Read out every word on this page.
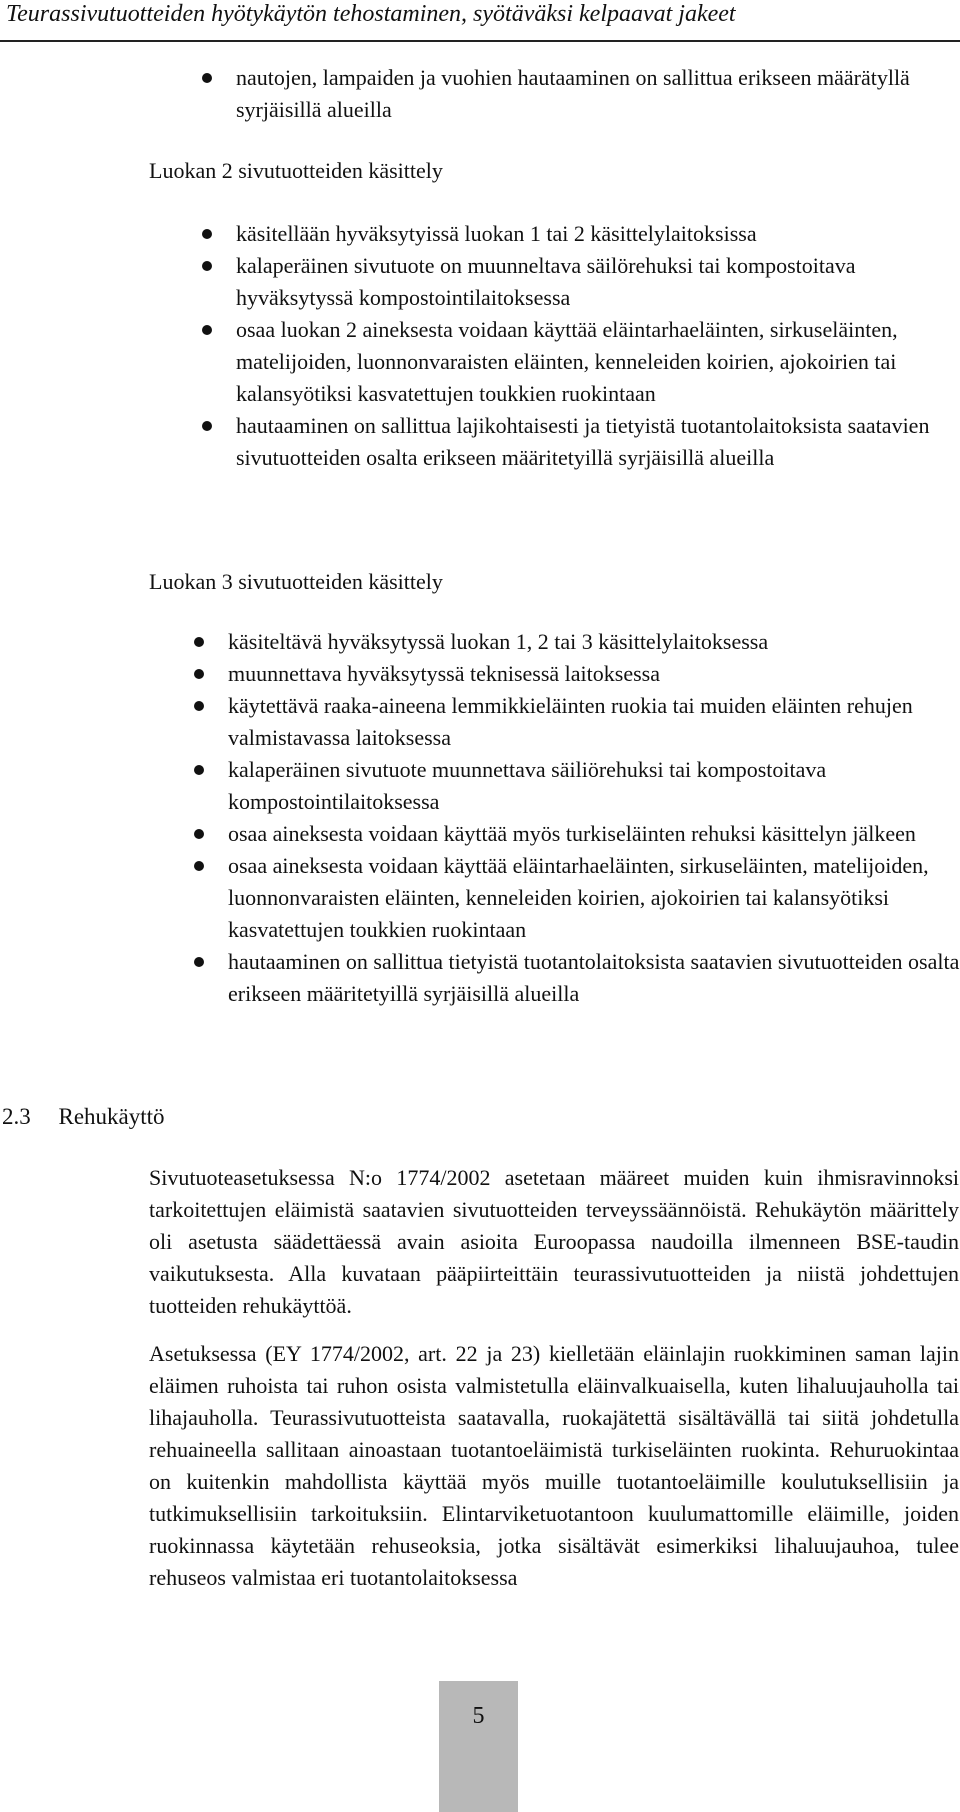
Teurassivutuotteiden hyötykäytön tehostaminen, syötäväksi kelpaavat jakeet
nautojen, lampaiden ja vuohien hautaaminen on sallittua erikseen määrätyllä syrjäisillä alueilla
Luokan 2 sivutuotteiden käsittely
käsitellään hyväksytyissä luokan 1 tai 2 käsittelylaitoksissa
kalaperäinen sivutuote on muunneltava säilörehuksi tai kompostoitava hyväksytyssä kompostointilaitoksessa
osaa luokan 2 aineksesta voidaan käyttää eläintarhaeläinten, sirkuseläinten, matelijoiden, luonnonvaraisten eläinten, kenneleiden koirien, ajokoirien tai kalansyötiksi kasvatettujen toukkien ruokintaan
hautaaminen on sallittua lajikohtaisesti ja tietyistä tuotantolaitoksista saatavien sivutuotteiden osalta erikseen määritetyillä syrjäisillä alueilla
Luokan 3 sivutuotteiden käsittely
käsiteltävä hyväksytyssä luokan 1, 2 tai 3 käsittelylaitoksessa
muunnettava hyväksytyssä teknisessä laitoksessa
käytettävä raaka-aineena lemmikkieläinten ruokia tai muiden eläinten rehujen valmistavassa laitoksessa
kalaperäinen sivutuote muunnettava säiliörehuksi tai kompostoitava kompostointilaitoksessa
osaa aineksesta voidaan käyttää myös turkiseläinten rehuksi käsittelyn jälkeen
osaa aineksesta voidaan käyttää eläintarhaeläinten, sirkuseläinten, matelijoiden, luonnonvaraisten eläinten, kenneleiden koirien, ajokoirien tai kalansyötiksi kasvatettujen toukkien ruokintaan
hautaaminen on sallittua tietyistä tuotantolaitoksista saatavien sivutuotteiden osalta erikseen määritetyillä syrjäisillä alueilla
2.3 Rehukäyttö
Sivutuoteasetuksessa N:o 1774/2002 asetetaan määreet muiden kuin ihmisravinnoksi tarkoitettujen eläimistä saatavien sivutuotteiden terveyssäännöistä. Rehukäytön määrittely oli asetusta säädettäessä avain asioita Euroopassa naudoilla ilmenneen BSE-taudin vaikutuksesta. Alla kuvataan pääpiirteittäin teurassivutuotteiden ja niistä johdettujen tuotteiden rehukäyttöä.
Asetuksessa (EY 1774/2002, art. 22 ja 23) kielletään eläinlajin ruokkiminen saman lajin eläimen ruhoista tai ruhon osista valmistetulla eläinvalkuaisella, kuten lihaluujauholla tai lihajauholla. Teurassivutuotteista saatavalla, ruokajätettä sisältävällä tai siitä johdetulla rehuaineella sallitaan ainoastaan tuotantoeläimistä turkiseläinten ruokinta. Rehuruokintaa on kuitenkin mahdollista käyttää myös muille tuotantoeläimille koulutuksellisiin ja tutkimuksellisiin tarkoituksiin. Elintarviketuotantoon kuulumattomille eläimille, joiden ruokinnassa käytetään rehuseoksia, jotka sisältävät esimerkiksi lihaluujauhoa, tulee rehuseos valmistaa eri tuotantolaitoksessa
5
